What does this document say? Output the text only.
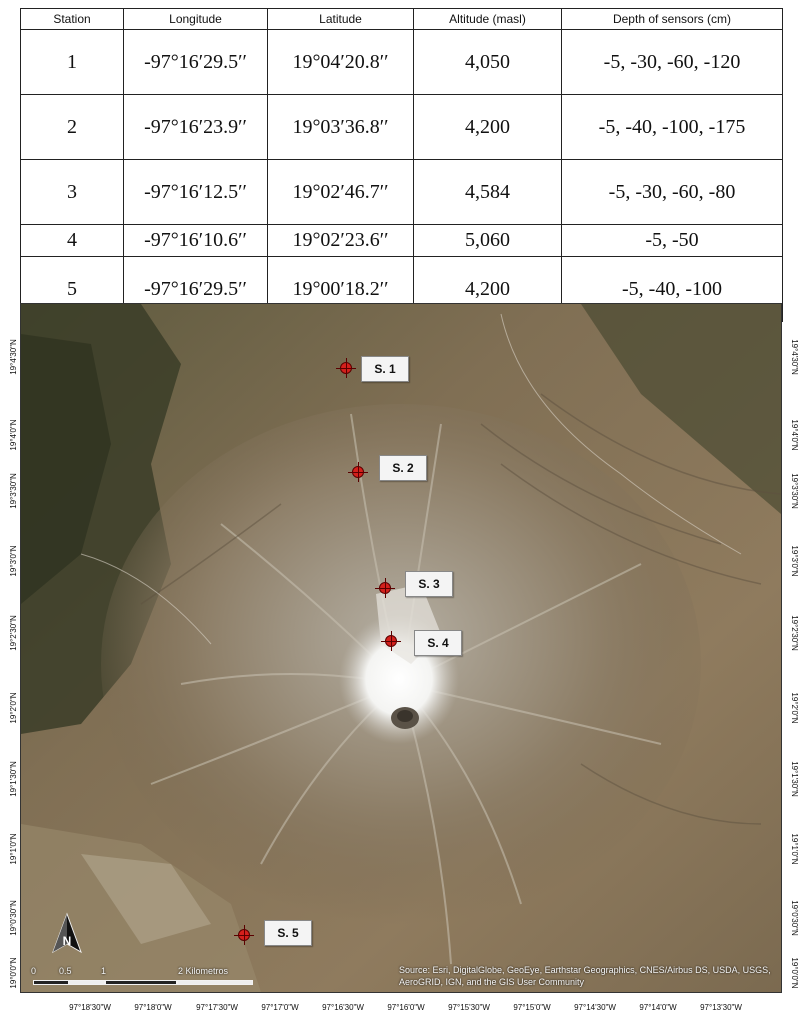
Station	Longitude	Latitude	Altitude (masl)	Depth of sensors (cm)
1	-97°16′29.5′′	19°04′20.8′′	4,050	-5, -30, -60, -120
2	-97°16′23.9′′	19°03′36.8′′	4,200	-5, -40, -100, -175
3	-97°16′12.5′′	19°02′46.7′′	4,584	-5, -30, -60, -80
4	-97°16′10.6′′	19°02′23.6′′	5,060	-5, -50
5	-97°16′29.5′′	19°00′18.2′′	4,200	-5, -40, -100
S. 1
S. 2
S. 3
S. 4
S. 5
N
0	0.5	1	2 Kilometros	Source: Esri, DigitalGlobe, GeoEye, Earthstar Geographics, CNES/Airbus DS, USDA, USGS, AeroGRID, IGN, and the GIS User Community
19°4'30"N
19°4'0"N
19°3'30"N
19°3'0"N
19°2'30"N
19°2'0"N
19°1'30"N
19°1'0"N
19°0'30"N
19°0'0"N
19°4'30"N
19°4'0"N
19°3'30"N
19°3'0"N
19°2'30"N
19°2'0"N
19°1'30"N
19°1'0"N
19°0'30"N
19°0'0"N
97°18'30"W	97°18'0"W	97°17'30"W	97°17'0"W	97°16'30"W	97°16'0"W	97°15'30"W	97°15'0"W	97°14'30"W	97°14'0"W	97°13'30"W
